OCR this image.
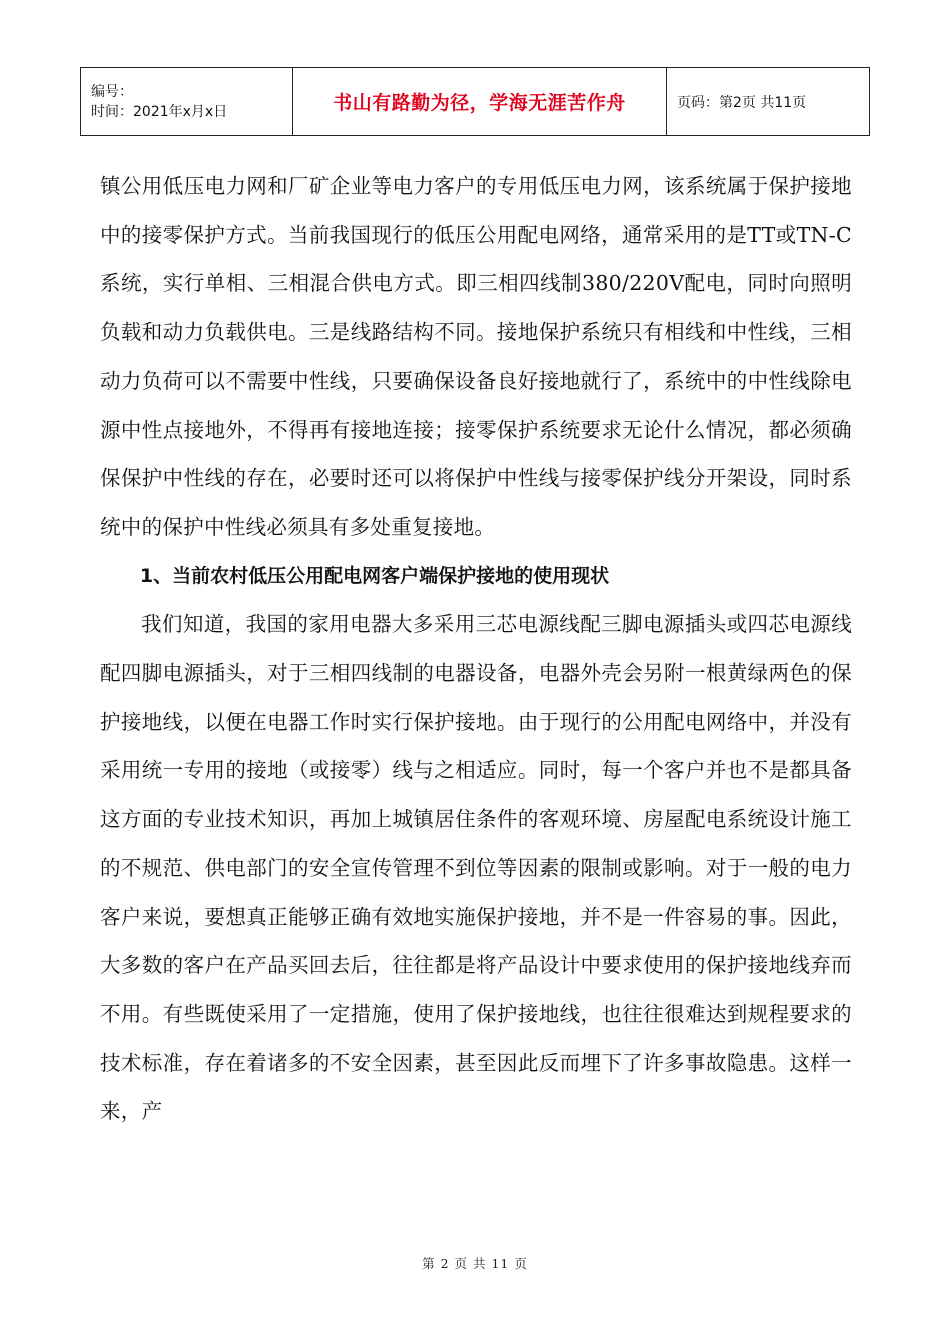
编号：
时间：2021年x月x日	书山有路勤为径，学海无涯苦作舟	页码：第2页 共11页

镇公用低压电力网和厂矿企业等电力客户的专用低压电力网，该系统属于保护接地中的接零保护方式。当前我国现行的低压公用配电网络，通常采用的是TT或TN-C系统，实行单相、三相混合供电方式。即三相四线制380/220V配电，同时向照明负载和动力负载供电。三是线路结构不同。接地保护系统只有相线和中性线，三相动力负荷可以不需要中性线，只要确保设备良好接地就行了，系统中的中性线除电源中性点接地外，不得再有接地连接；接零保护系统要求无论什么情况，都必须确保保护中性线的存在，必要时还可以将保护中性线与接零保护线分开架设，同时系统中的保护中性线必须具有多处重复接地。

1、当前农村低压公用配电网客户端保护接地的使用现状

我们知道，我国的家用电器大多采用三芯电源线配三脚电源插头或四芯电源线配四脚电源插头，对于三相四线制的电器设备，电器外壳会另附一根黄绿两色的保护接地线，以便在电器工作时实行保护接地。由于现行的公用配电网络中，并没有采用统一专用的接地（或接零）线与之相适应。同时，每一个客户并也不是都具备这方面的专业技术知识，再加上城镇居住条件的客观环境、房屋配电系统设计施工的不规范、供电部门的安全宣传管理不到位等因素的限制或影响。对于一般的电力客户来说，要想真正能够正确有效地实施保护接地，并不是一件容易的事。因此，大多数的客户在产品买回去后，往往都是将产品设计中要求使用的保护接地线弃而不用。有些既使采用了一定措施，使用了保护接地线，也往往很难达到规程要求的技术标准，存在着诸多的不安全因素，甚至因此反而埋下了许多事故隐患。这样一来，产

第 2 页 共 11 页
